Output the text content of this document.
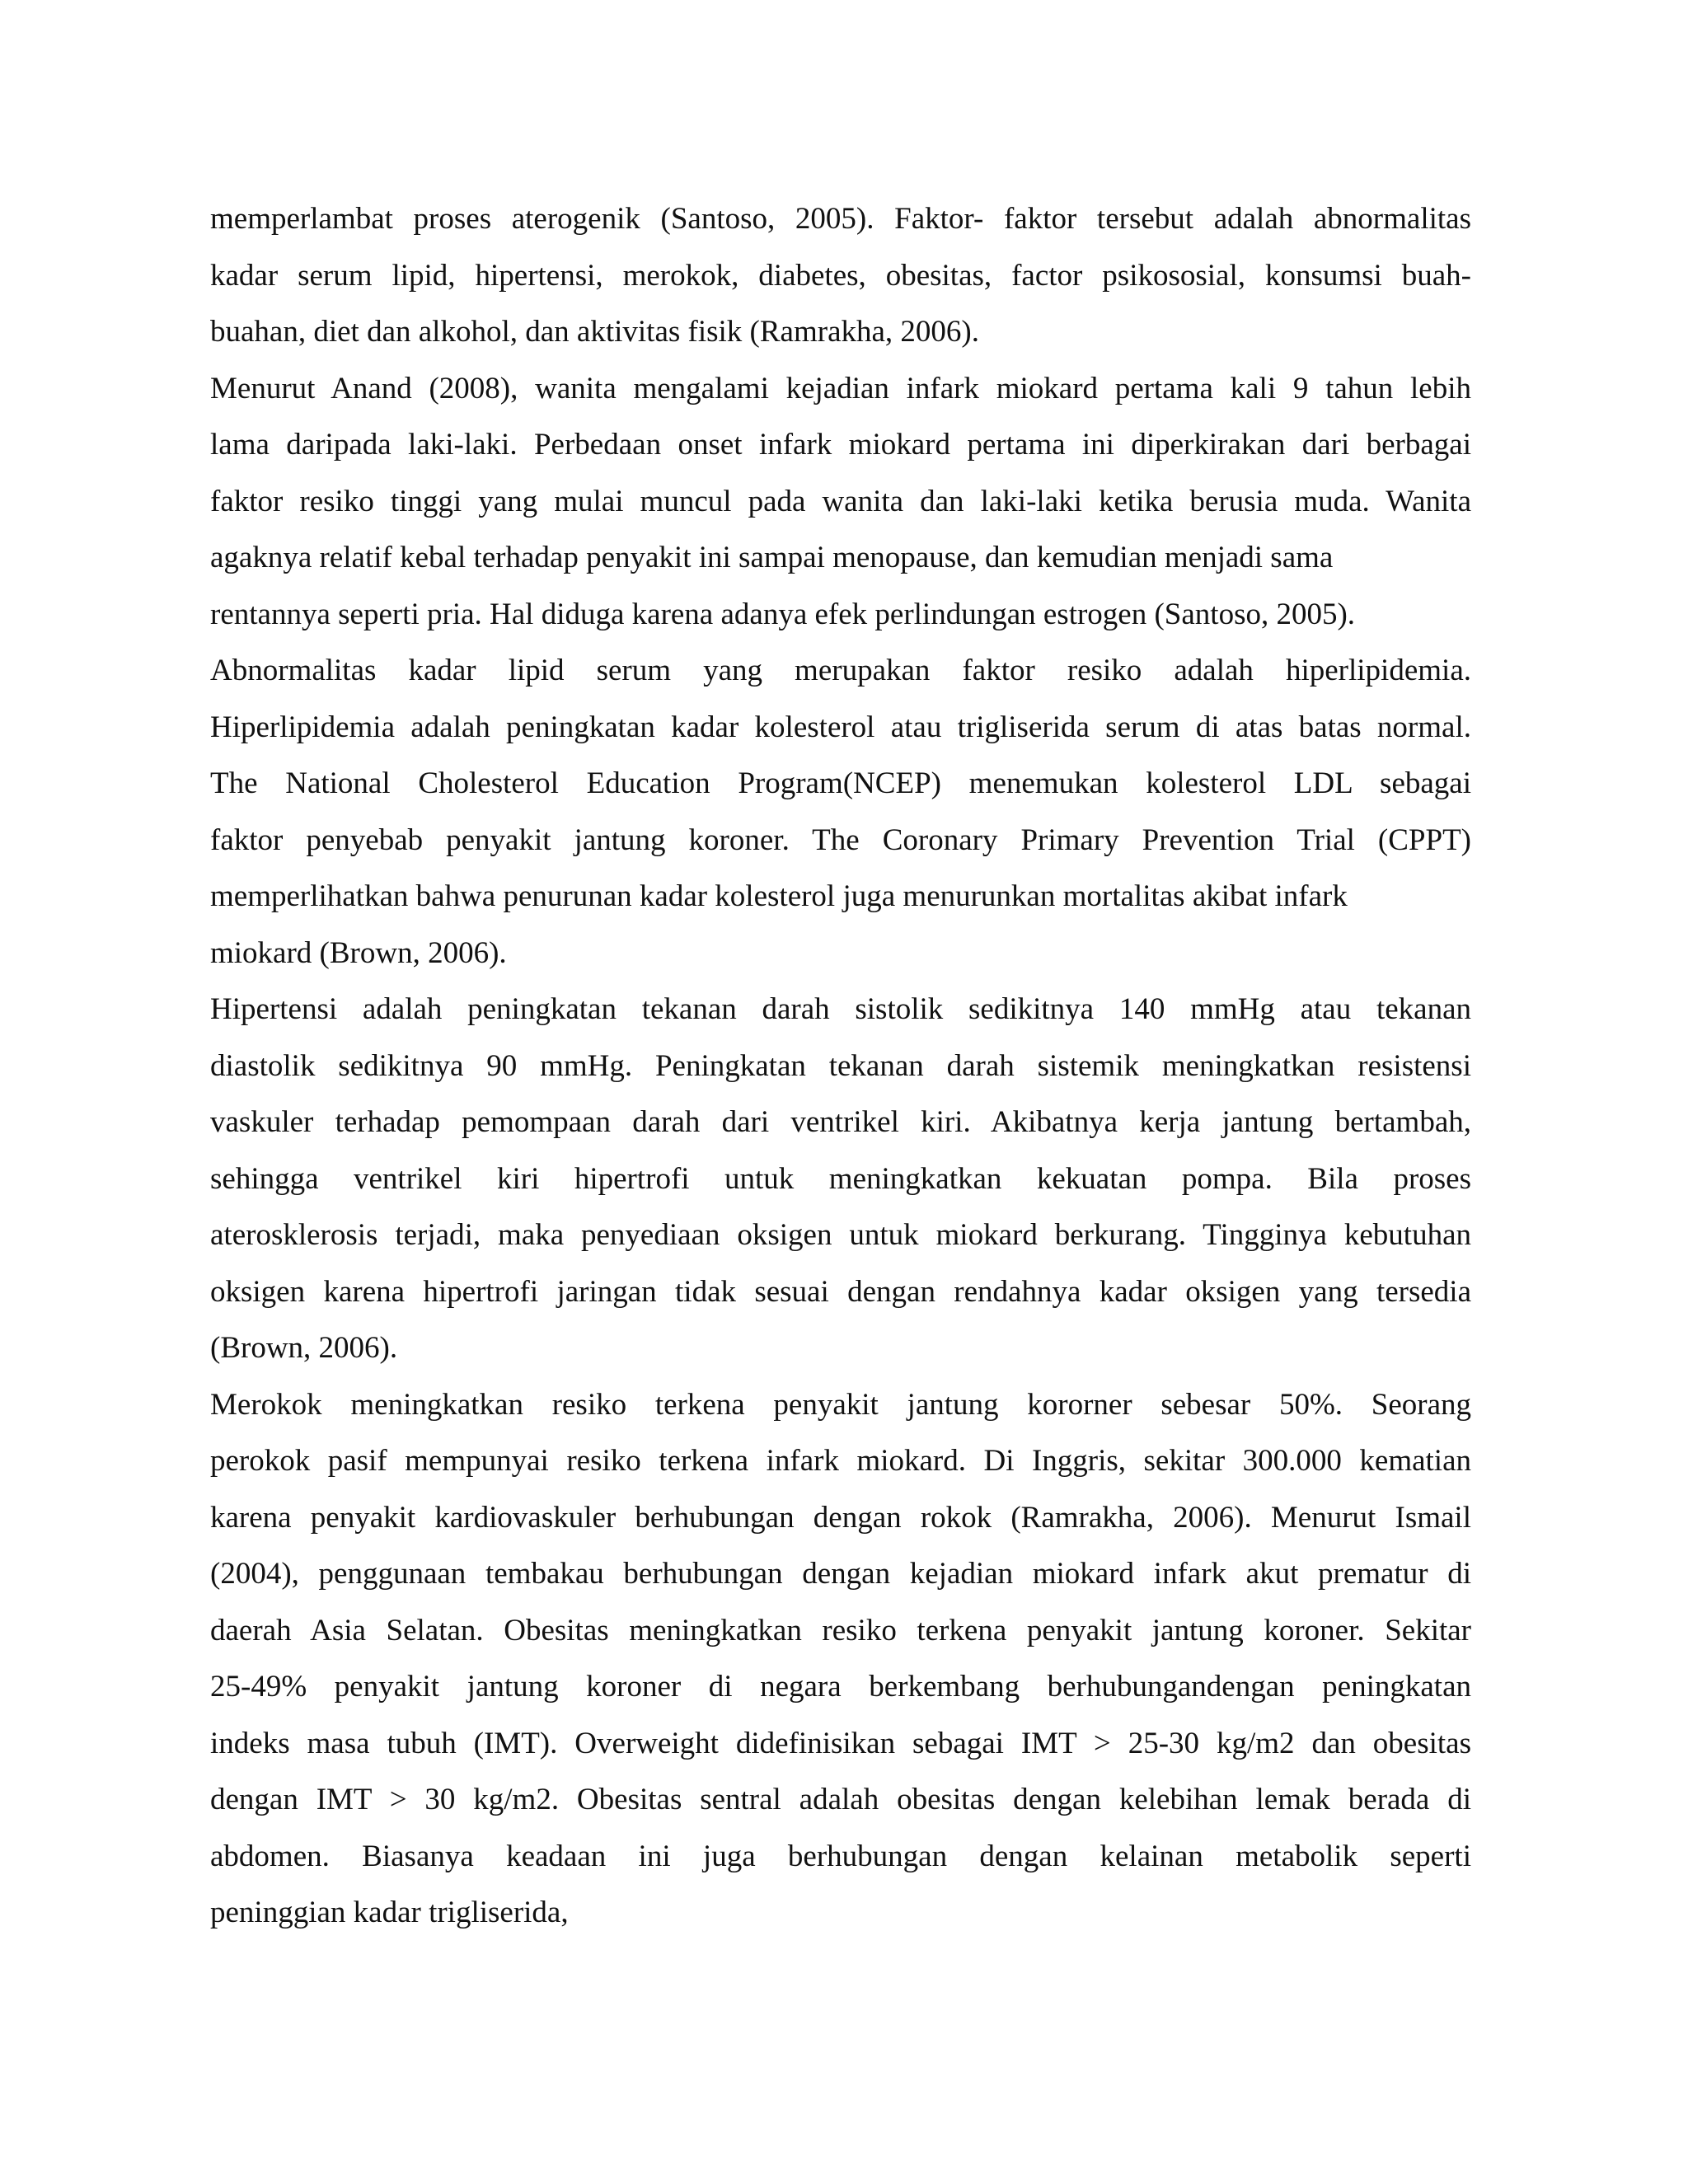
memperlambat proses aterogenik (Santoso, 2005). Faktor- faktor tersebut adalah abnormalitas
kadar serum lipid, hipertensi, merokok, diabetes, obesitas, factor psikososial, konsumsi buah-
buahan, diet dan alkohol, dan aktivitas fisik (Ramrakha, 2006).
Menurut Anand (2008), wanita mengalami kejadian infark miokard pertama kali 9 tahun lebih
lama daripada laki-laki. Perbedaan onset infark miokard pertama ini diperkirakan dari berbagai
faktor resiko tinggi yang mulai muncul pada wanita dan laki-laki ketika berusia muda. Wanita
agaknya relatif kebal terhadap penyakit ini sampai menopause, dan kemudian menjadi sama
rentannya seperti pria. Hal diduga karena adanya efek perlindungan estrogen (Santoso, 2005).
Abnormalitas kadar lipid serum yang merupakan faktor resiko adalah hiperlipidemia.
Hiperlipidemia adalah peningkatan kadar kolesterol atau trigliserida serum di atas batas normal.
The National Cholesterol Education Program(NCEP) menemukan kolesterol LDL sebagai
faktor penyebab penyakit jantung koroner. The Coronary Primary Prevention Trial (CPPT)
memperlihatkan bahwa penurunan kadar kolesterol juga menurunkan mortalitas akibat infark
miokard (Brown, 2006).
Hipertensi adalah peningkatan tekanan darah sistolik sedikitnya 140 mmHg atau tekanan
diastolik sedikitnya 90 mmHg. Peningkatan tekanan darah sistemik meningkatkan resistensi
vaskuler terhadap pemompaan darah dari ventrikel kiri. Akibatnya kerja jantung bertambah,
sehingga ventrikel kiri hipertrofi untuk meningkatkan kekuatan pompa. Bila proses
aterosklerosis terjadi, maka penyediaan oksigen untuk miokard berkurang. Tingginya kebutuhan
oksigen karena hipertrofi jaringan tidak sesuai dengan rendahnya kadar oksigen yang tersedia
(Brown, 2006).
Merokok meningkatkan resiko terkena penyakit jantung kororner sebesar 50%. Seorang
perokok pasif mempunyai resiko terkena infark miokard. Di Inggris, sekitar 300.000 kematian
karena penyakit kardiovaskuler berhubungan dengan rokok (Ramrakha, 2006). Menurut Ismail
(2004), penggunaan tembakau berhubungan dengan kejadian miokard infark akut prematur di
daerah Asia Selatan. Obesitas meningkatkan resiko terkena penyakit jantung koroner. Sekitar
25-49% penyakit jantung koroner di negara berkembang berhubungandengan peningkatan
indeks masa tubuh (IMT). Overweight didefinisikan sebagai IMT > 25-30 kg/m2 dan obesitas
dengan IMT > 30 kg/m2. Obesitas sentral adalah obesitas dengan kelebihan lemak berada di
abdomen. Biasanya keadaan ini juga berhubungan dengan kelainan metabolik seperti
peninggian kadar trigliserida,
